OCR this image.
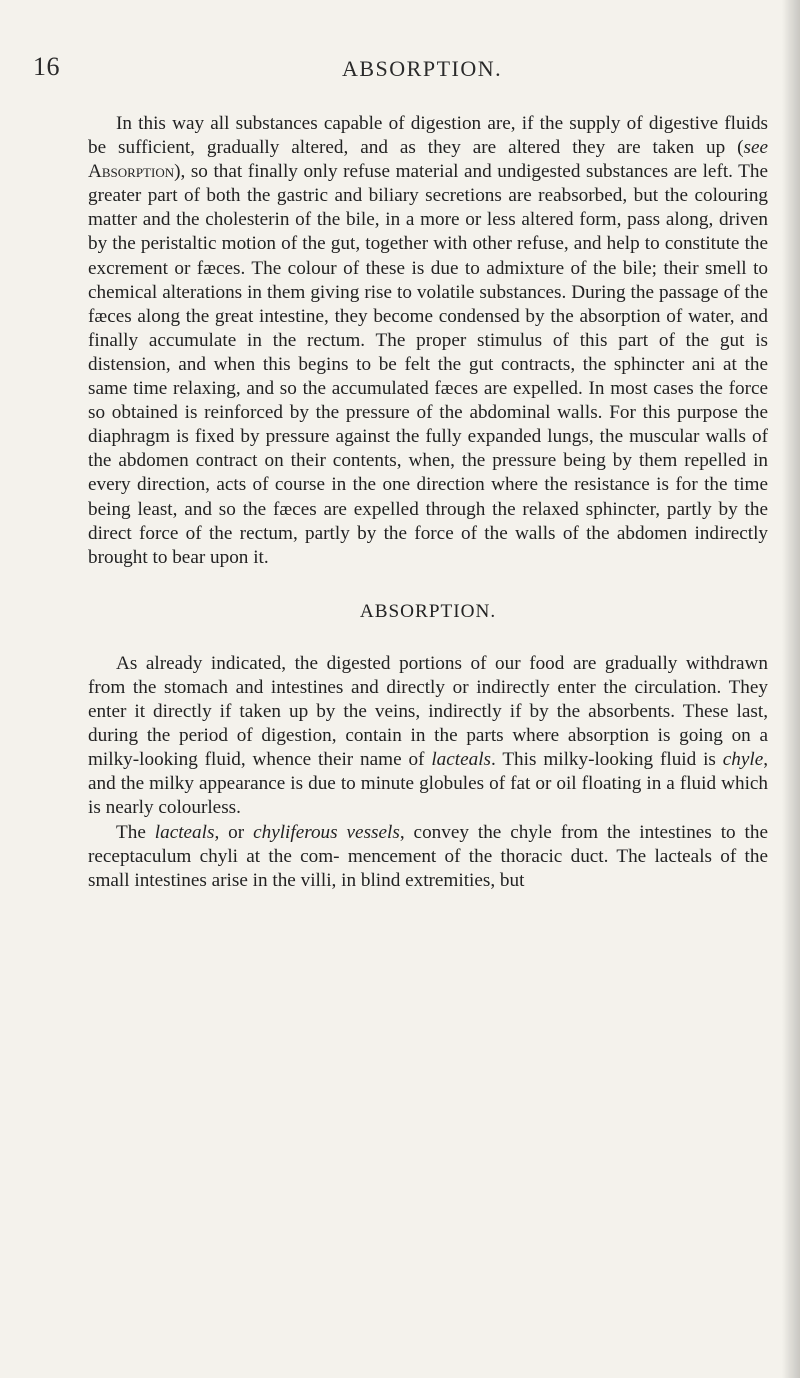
16	ABSORPTION.

In this way all substances capable of digestion are, if the supply of digestive fluids be sufficient, gradually altered, and as they are altered they are taken up (see Absorption), so that finally only refuse material and undigested substances are left. The greater part of both the gastric and biliary secretions are reabsorbed, but the colouring matter and the cholesterin of the bile, in a more or less altered form, pass along, driven by the peristaltic motion of the gut, together with other refuse, and help to constitute the excrement or fæces. The colour of these is due to admixture of the bile; their smell to chemical alterations in them giving rise to volatile substances. During the passage of the fæces along the great intestine, they become condensed by the absorption of water, and finally accumulate in the rectum. The proper stimulus of this part of the gut is distension, and when this begins to be felt the gut contracts, the sphincter ani at the same time relaxing, and so the accumulated fæces are expelled. In most cases the force so obtained is reinforced by the pressure of the abdominal walls. For this purpose the diaphragm is fixed by pressure against the fully expanded lungs, the muscular walls of the abdomen contract on their contents, when, the pressure being by them repelled in every direction, acts of course in the one direction where the resistance is for the time being least, and so the fæces are expelled through the relaxed sphincter, partly by the direct force of the rectum, partly by the force of the walls of the abdomen indirectly brought to bear upon it.

ABSORPTION.

As already indicated, the digested portions of our food are gradually withdrawn from the stomach and intestines and directly or indirectly enter the circulation. They enter it directly if taken up by the veins, indirectly if by the absorbents. These last, during the period of digestion, contain in the parts where absorption is going on a milky-looking fluid, whence their name of lacteals. This milky-looking fluid is chyle, and the milky appearance is due to minute globules of fat or oil floating in a fluid which is nearly colourless.

The lacteals, or chyliferous vessels, convey the chyle from the intestines to the receptaculum chyli at the com- mencement of the thoracic duct. The lacteals of the small intestines arise in the villi, in blind extremities, but
